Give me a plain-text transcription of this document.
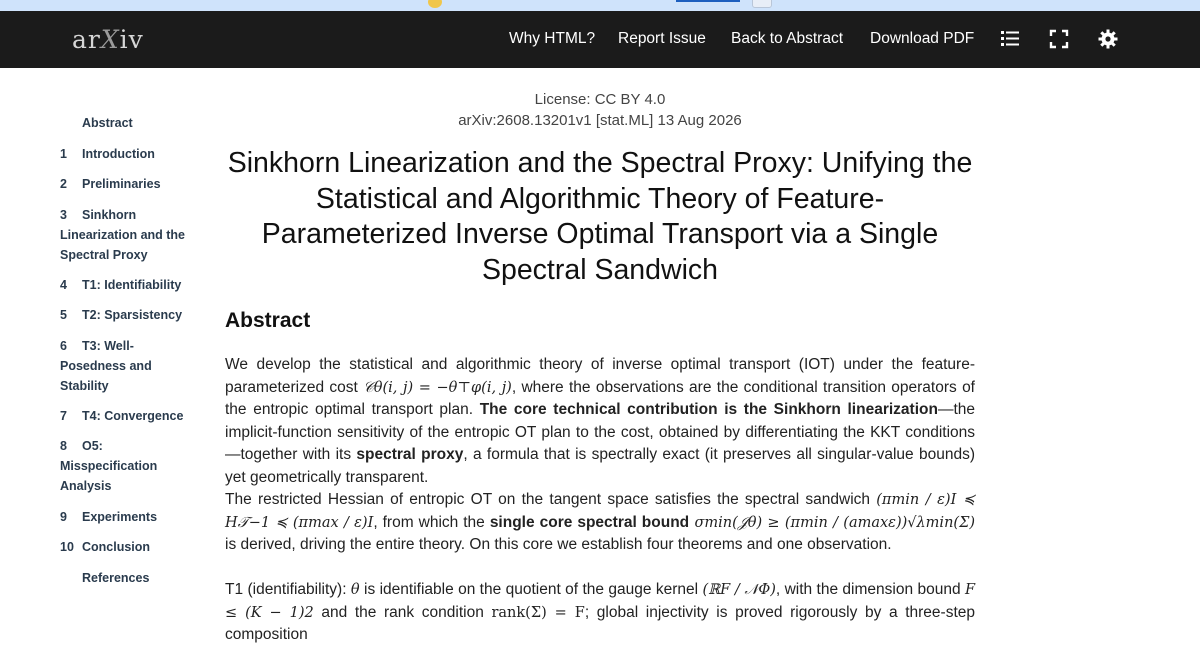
arXiv	Why HTML? Report Issue Back to Abstract Download PDF
Abstract
1 Introduction
2 Preliminaries
3 Sinkhorn Linearization and the Spectral Proxy
4 T1: Identifiability
5 T2: Sparsistency
6 T3: Well-Posedness and Stability
7 T4: Convergence
8 O5: Misspecification Analysis
9 Experiments
10 Conclusion
References
License: CC BY 4.0
arXiv:2608.13201v1 [stat.ML] 13 Aug 2026
Sinkhorn Linearization and the Spectral Proxy: Unifying the Statistical and Algorithmic Theory of Feature-Parameterized Inverse Optimal Transport via a Single Spectral Sandwich
Abstract
We develop the statistical and algorithmic theory of inverse optimal transport (IOT) under the feature-parameterized cost 𝒞θ(i, j) = −θ⊤φ(i, j), where the observations are the conditional transition operators of the entropic optimal transport plan. The core technical contribution is the Sinkhorn linearization—the implicit-function sensitivity of the entropic OT plan to the cost, obtained by differentiating the KKT conditions—together with its spectral proxy, a formula that is spectrally exact (it preserves all singular-value bounds) yet geometrically transparent.
The restricted Hessian of entropic OT on the tangent space satisfies the spectral sandwich (πmin / ε)I ≼ H𝒯−1 ≼ (πmax / ε)I, from which the single core spectral bound σmin(𝒥θ) ≥ (πmin / (amaxε))√λmin(Σ) is derived, driving the entire theory. On this core we establish four theorems and one observation.
T1 (identifiability): θ is identifiable on the quotient of the gauge kernel (ℝF / 𝒩Φ), with the dimension bound F ≤ (K − 1)2 and the rank condition rank(Σ) = F; global injectivity is proved rigorously by a three-step composition
